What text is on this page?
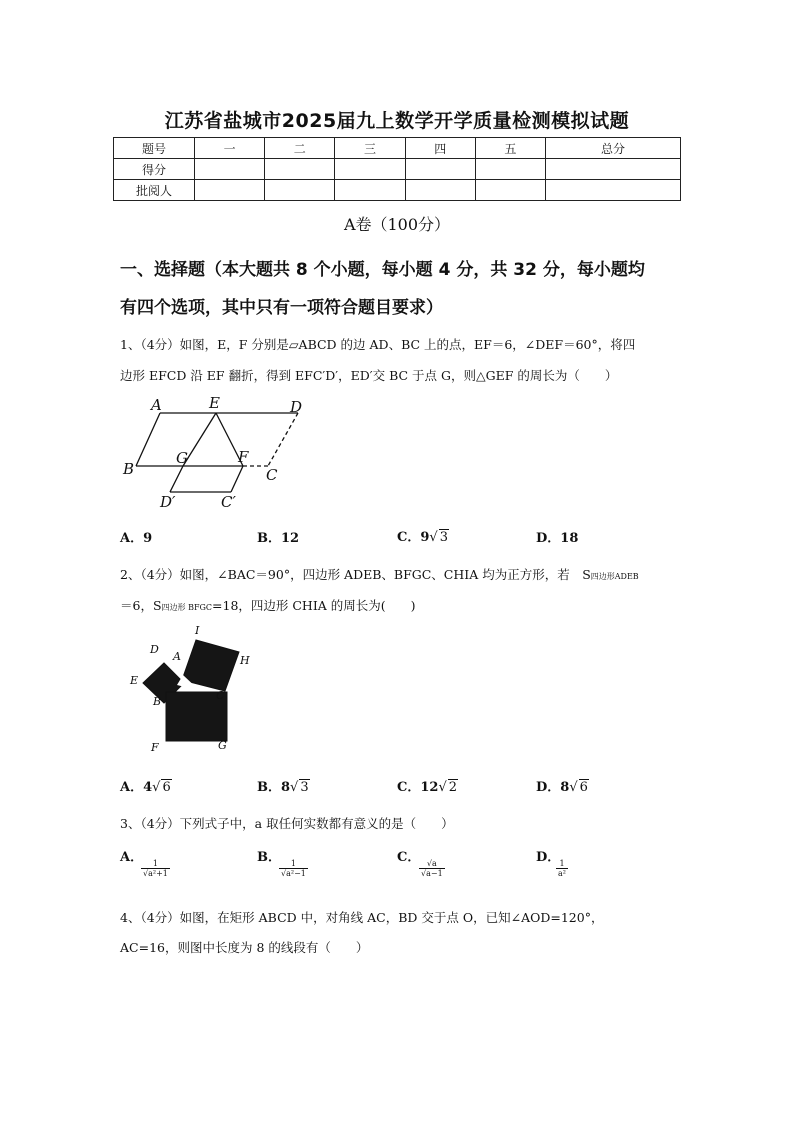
江苏省盐城市2025届九上数学开学质量检测模拟试题
题号	一	二	三	四	五	总分
得分						
批阅人						
A卷（100分）
一、选择题（本大题共 8 个小题，每小题 4 分，共 32 分，每小题均
有四个选项，其中只有一项符合题目要求）
1、（4分）如图，E，F 分别是▱ABCD 的边 AD、BC 上的点，EF＝6，∠DEF＝60°，将四
边形 EFCD 沿 EF 翻折，得到 EFC′D′，ED′交 BC 于点 G，则△GEF 的周长为（　　）
A	E	D
B
G	F
C
D′	C′
A．9	B．12	C．9√ 3	D．18
2、（4分）如图，∠BAC＝90°，四边形 ADEB、BFGC、CHIA 均为正方形，若　S四边形ADEB
＝6，S四边形 BFGC=18，四边形 CHIA 的周长为(　　)
I
D
A	H
E
C
B
F	G
A．4√ 6	B．8√ 3	C．12√ 2	D．8√ 6
3、（4分）下列式子中，a 取任何实数都有意义的是（　　）
A．
$\frac{1}{\text{√a²+1}}$
B．
$\frac{1}{\text{√a²−1}}$
C．
$\frac{√a}{√a-1}$
D．
$\frac{1}{\text{a²}}$
4、（4分）如图，在矩形 ABCD 中，对角线 AC，BD 交于点 O，已知∠AOD=120°，
AC=16，则图中长度为 8 的线段有（　　）
